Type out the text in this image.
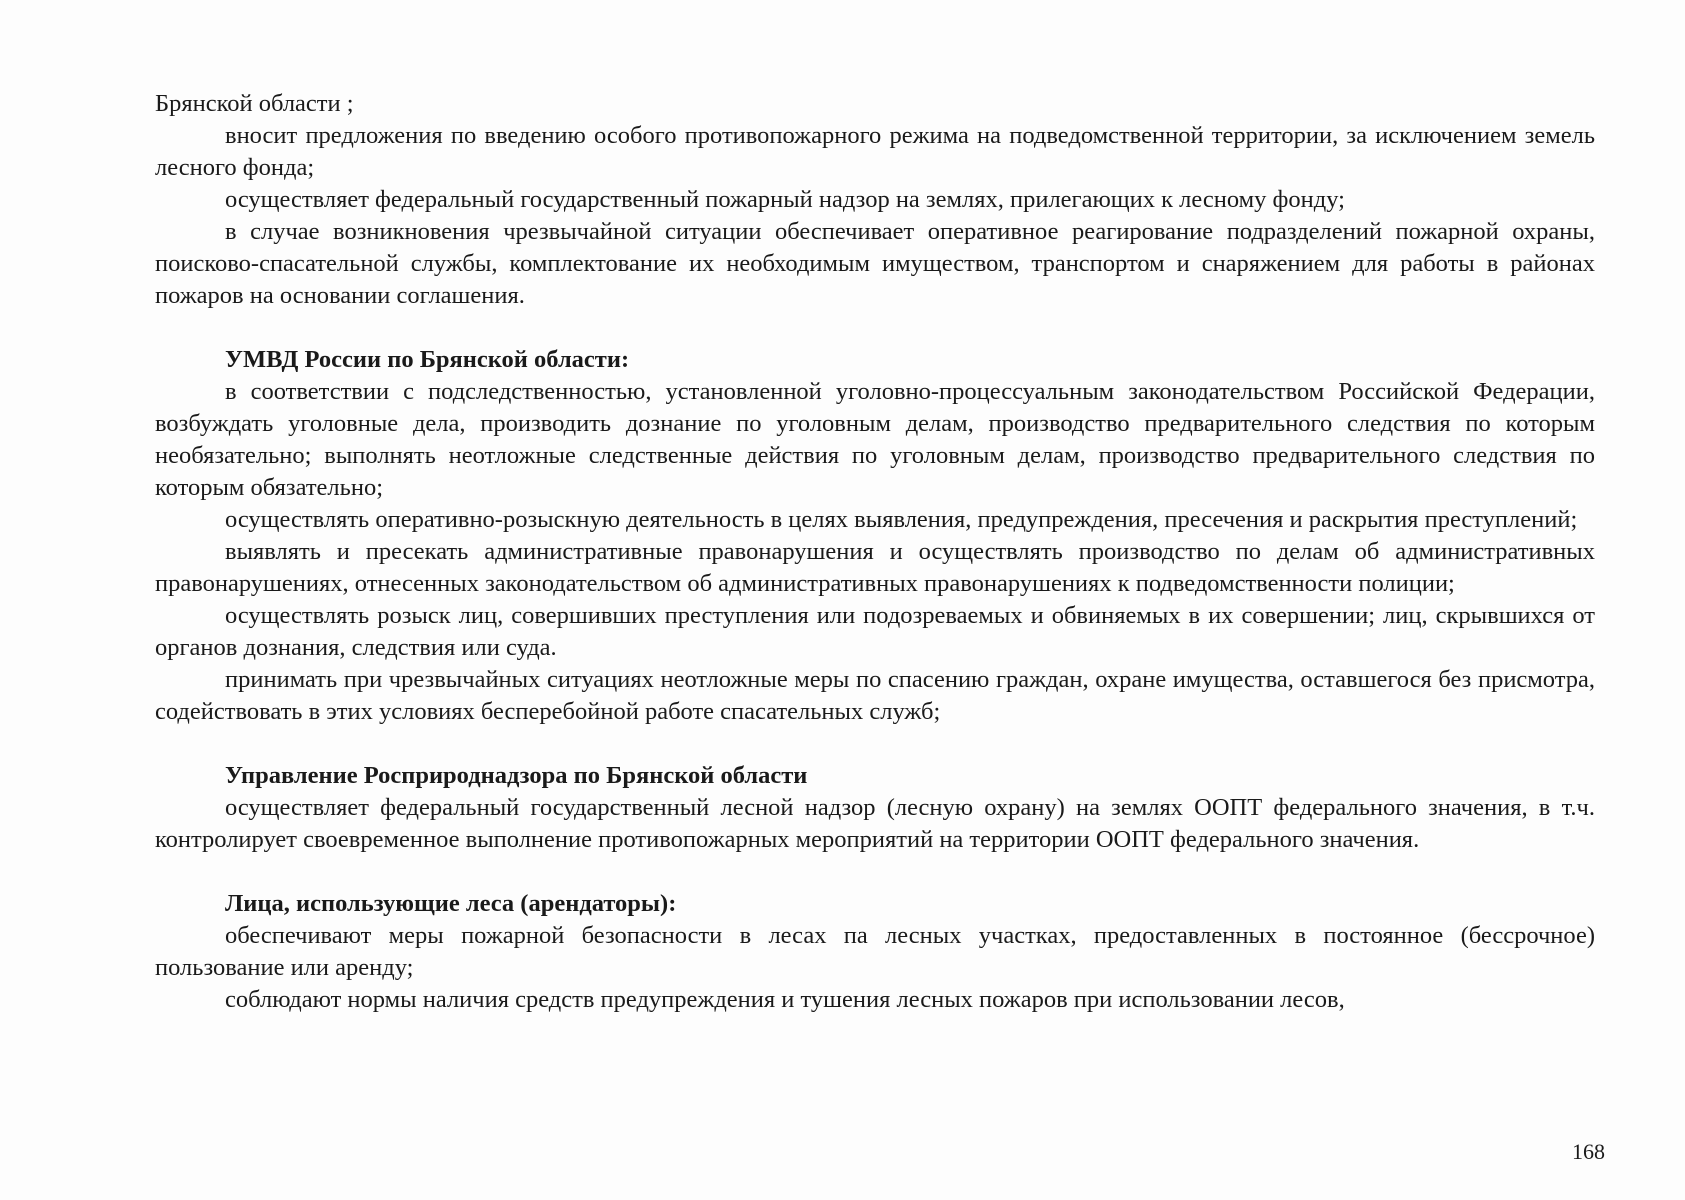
Брянской области ;

вносит предложения по введению особого противопожарного режима на подведомственной территории, за исключением земель лесного фонда;

осуществляет федеральный государственный пожарный надзор на землях, прилегающих к лесному фонду;

в случае возникновения чрезвычайной ситуации обеспечивает оперативное реагирование подразделений пожарной охраны, поисково-спасательной службы, комплектование их необходимым имуществом, транспортом и снаряжением для работы в районах пожаров на основании соглашения.

УМВД России по Брянской области:

в соответствии с подследственностью, установленной уголовно-процессуальным законодательством Российской Федерации, возбуждать уголовные дела, производить дознание по уголовным делам, производство предварительного следствия по которым необязательно; выполнять неотложные следственные действия по уголовным делам, производство предварительного следствия по которым обязательно;

осуществлять оперативно-розыскную деятельность в целях выявления, предупреждения, пресечения и раскрытия преступлений;

выявлять и пресекать административные правонарушения и осуществлять производство по делам об административных правонарушениях, отнесенных законодательством об административных правонарушениях к подведомственности полиции;

осуществлять розыск лиц, совершивших преступления или подозреваемых и обвиняемых в их совершении; лиц, скрывшихся от органов дознания, следствия или суда.

принимать при чрезвычайных ситуациях неотложные меры по спасению граждан, охране имущества, оставшегося без присмотра, содействовать в этих условиях бесперебойной работе спасательных служб;

Управление Росприроднадзора по Брянской области

осуществляет федеральный государственный лесной надзор (лесную охрану) на землях ООПТ федерального значения, в т.ч. контролирует своевременное выполнение противопожарных мероприятий на территории ООПТ федерального значения.

Лица, использующие леса (арендаторы):

обеспечивают меры пожарной безопасности в лесах па лесных участках, предоставленных в постоянное (бессрочное) пользование или аренду;

соблюдают нормы наличия средств предупреждения и тушения лесных пожаров при использовании лесов,

168
